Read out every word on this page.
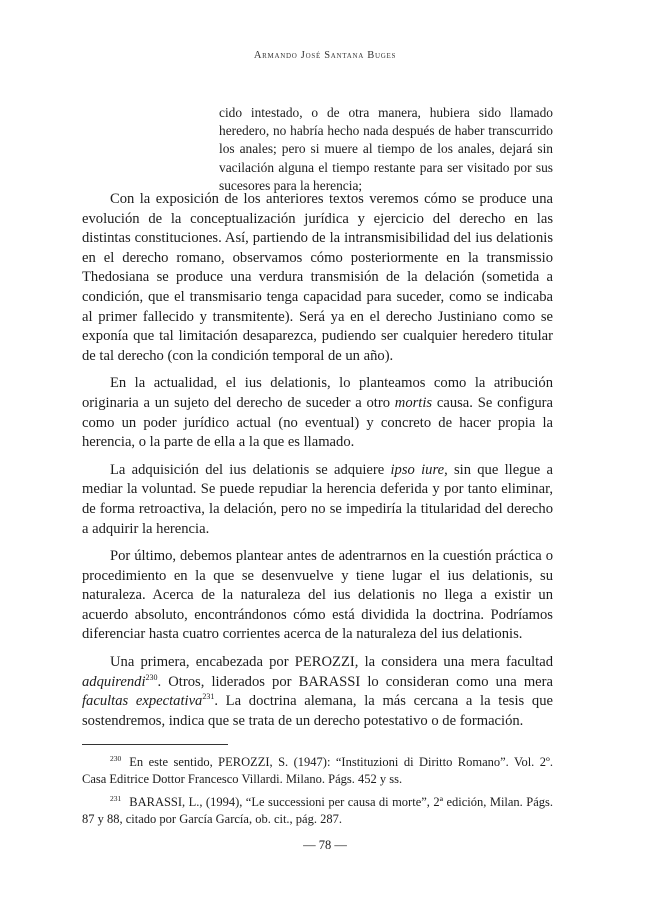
Armando José Santana Buges

cido intestado, o de otra manera, hubiera sido llamado heredero, no habría hecho nada después de haber transcurrido los anales; pero si muere al tiempo de los anales, dejará sin vacilación alguna el tiempo restante para ser visitado por sus sucesores para la herencia;

Con la exposición de los anteriores textos veremos cómo se produce una evolución de la conceptualización jurídica y ejercicio del derecho en las distintas constituciones. Así, partiendo de la intransmisibilidad del ius delationis en el derecho romano, observamos cómo posteriormente en la transmissio Thedosiana se produce una verdura transmisión de la delación (sometida a condición, que el transmisario tenga capacidad para suceder, como se indicaba al primer fallecido y transmitente). Será ya en el derecho Justiniano como se exponía que tal limitación desaparezca, pudiendo ser cualquier heredero titular de tal derecho (con la condición temporal de un año).

En la actualidad, el ius delationis, lo planteamos como la atribución originaria a un sujeto del derecho de suceder a otro mortis causa. Se configura como un poder jurídico actual (no eventual) y concreto de hacer propia la herencia, o la parte de ella a la que es llamado.

La adquisición del ius delationis se adquiere ipso iure, sin que llegue a mediar la voluntad. Se puede repudiar la herencia deferida y por tanto eliminar, de forma retroactiva, la delación, pero no se impediría la titularidad del derecho a adquirir la herencia.

Por último, debemos plantear antes de adentrarnos en la cuestión práctica o procedimiento en la que se desenvuelve y tiene lugar el ius delationis, su naturaleza. Acerca de la naturaleza del ius delationis no llega a existir un acuerdo absoluto, encontrándonos cómo está dividida la doctrina. Podríamos diferenciar hasta cuatro corrientes acerca de la naturaleza del ius delationis.

Una primera, encabezada por PEROZZI, la considera una mera facultad adquirendi$^{230}$. Otros, liderados por BARASSI lo consideran como una mera facultas expectativa$^{231}$. La doctrina alemana, la más cercana a la tesis que sostendremos, indica que se trata de un derecho potestativo o de formación.

$^{230}$ En este sentido, PEROZZI, S. (1947): “Instituzioni di Diritto Romano”. Vol. 2º. Casa Editrice Dottor Francesco Villardi. Milano. Págs. 452 y ss.

$^{231}$ BARASSI, L., (1994), “Le successioni per causa di morte”, 2ª edición, Milan. Págs. 87 y 88, citado por García García, ob. cit., pág. 287.

— 78 —
